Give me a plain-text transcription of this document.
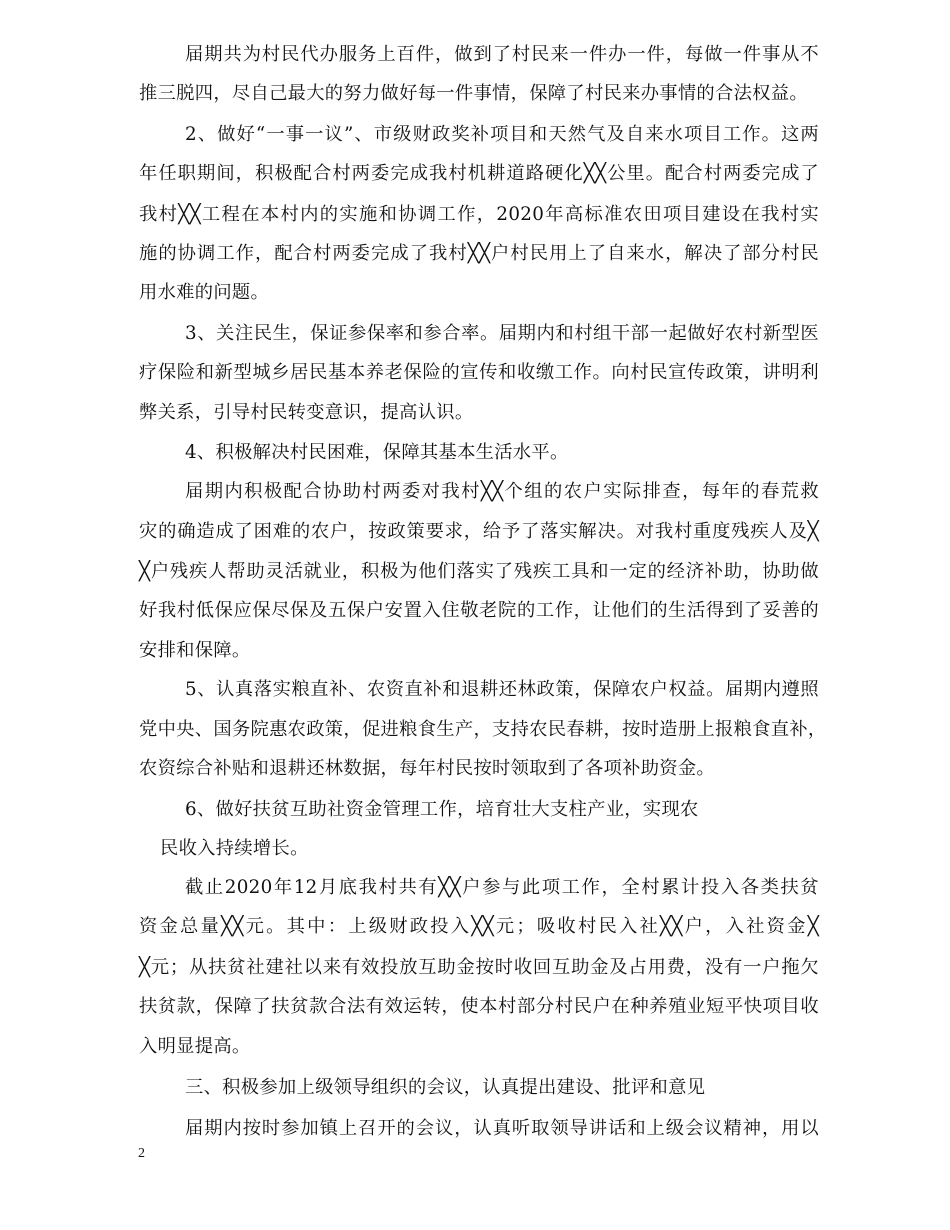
届期共为村民代办服务上百件，做到了村民来一件办一件，每做一件事从不
推三脱四，尽自己最大的努力做好每一件事情，保障了村民来办事情的合法权益。
2、做好“一事一议”、市级财政奖补项目和天然气及自来水项目工作。这两
年任职期间，积极配合村两委完成我村机耕道路硬化╳╳公里。配合村两委完成了
我村╳╳工程在本村内的实施和协调工作，2020年高标准农田项目建设在我村实
施的协调工作，配合村两委完成了我村╳╳户村民用上了自来水，解决了部分村民
用水难的问题。
3、关注民生，保证参保率和参合率。届期内和村组干部一起做好农村新型医
疗保险和新型城乡居民基本养老保险的宣传和收缴工作。向村民宣传政策，讲明利
弊关系，引导村民转变意识，提高认识。
4、积极解决村民困难，保障其基本生活水平。
届期内积极配合协助村两委对我村╳╳个组的农户实际排查，每年的春荒救
灾的确造成了困难的农户，按政策要求，给予了落实解决。对我村重度残疾人及╳
╳户残疾人帮助灵活就业，积极为他们落实了残疾工具和一定的经济补助，协助做
好我村低保应保尽保及五保户安置入住敬老院的工作，让他们的生活得到了妥善的
安排和保障。
5、认真落实粮直补、农资直补和退耕还林政策，保障农户权益。届期内遵照
党中央、国务院惠农政策，促进粮食生产，支持农民春耕，按时造册上报粮食直补，
农资综合补贴和退耕还林数据，每年村民按时领取到了各项补助资金。
6、做好扶贫互助社资金管理工作，培育壮大支柱产业，实现农
民收入持续增长。
截止2020年12月底我村共有╳╳户参与此项工作，全村累计投入各类扶贫
资金总量╳╳元。其中：上级财政投入╳╳元；吸收村民入社╳╳户，入社资金╳
╳元；从扶贫社建社以来有效投放互助金按时收回互助金及占用费，没有一户拖欠
扶贫款，保障了扶贫款合法有效运转，使本村部分村民户在种养殖业短平快项目收
入明显提高。
三、积极参加上级领导组织的会议，认真提出建设、批评和意见
届期内按时参加镇上召开的会议，认真听取领导讲话和上级会议精神，用以
2
